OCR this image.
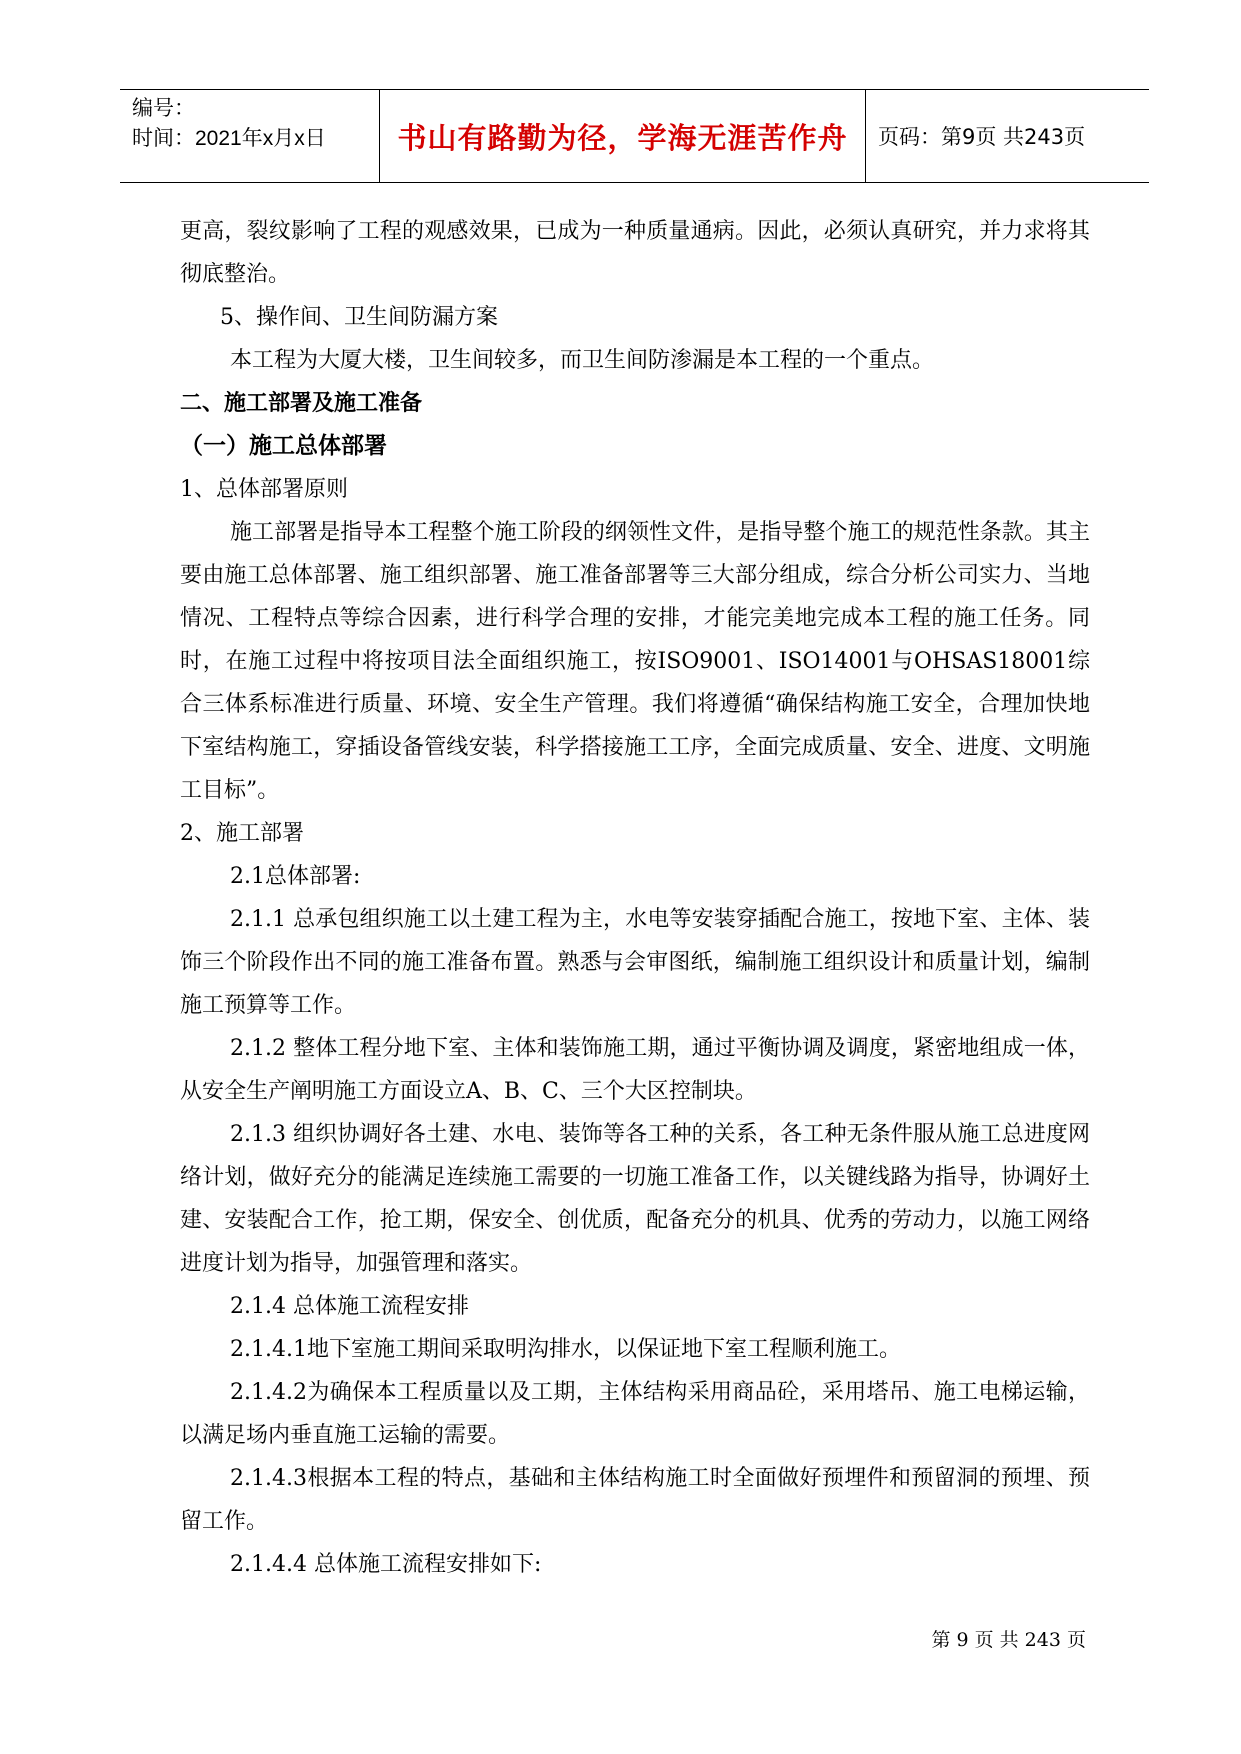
编号：
时间：2021年x月x日	书山有路勤为径，学海无涯苦作舟	页码：第9页 共243页

更高，裂纹影响了工程的观感效果，已成为一种质量通病。因此，必须认真研究，并力求将其彻底整治。

5、操作间、卫生间防漏方案

本工程为大厦大楼，卫生间较多，而卫生间防渗漏是本工程的一个重点。

二、施工部署及施工准备

（一）施工总体部署

1、总体部署原则

施工部署是指导本工程整个施工阶段的纲领性文件，是指导整个施工的规范性条款。其主要由施工总体部署、施工组织部署、施工准备部署等三大部分组成，综合分析公司实力、当地情况、工程特点等综合因素，进行科学合理的安排，才能完美地完成本工程的施工任务。同时，在施工过程中将按项目法全面组织施工，按ISO9001、ISO14001与OHSAS18001综合三体系标准进行质量、环境、安全生产管理。我们将遵循“确保结构施工安全，合理加快地下室结构施工，穿插设备管线安装，科学搭接施工工序，全面完成质量、安全、进度、文明施工目标”。

2、施工部署

2.1总体部署:

2.1.1 总承包组织施工以土建工程为主，水电等安装穿插配合施工，按地下室、主体、装饰三个阶段作出不同的施工准备布置。熟悉与会审图纸，编制施工组织设计和质量计划，编制施工预算等工作。

2.1.2 整体工程分地下室、主体和装饰施工期，通过平衡协调及调度，紧密地组成一体，从安全生产阐明施工方面设立A、B、C、三个大区控制块。

2.1.3 组织协调好各土建、水电、装饰等各工种的关系，各工种无条件服从施工总进度网络计划，做好充分的能满足连续施工需要的一切施工准备工作，以关键线路为指导，协调好土建、安装配合工作，抢工期，保安全、创优质，配备充分的机具、优秀的劳动力，以施工网络进度计划为指导，加强管理和落实。

2.1.4 总体施工流程安排

2.1.4.1地下室施工期间采取明沟排水，以保证地下室工程顺利施工。

2.1.4.2为确保本工程质量以及工期，主体结构采用商品砼，采用塔吊、施工电梯运输，以满足场内垂直施工运输的需要。

2.1.4.3根据本工程的特点，基础和主体结构施工时全面做好预埋件和预留洞的预埋、预留工作。

2.1.4.4 总体施工流程安排如下:

第 9 页 共 243 页
